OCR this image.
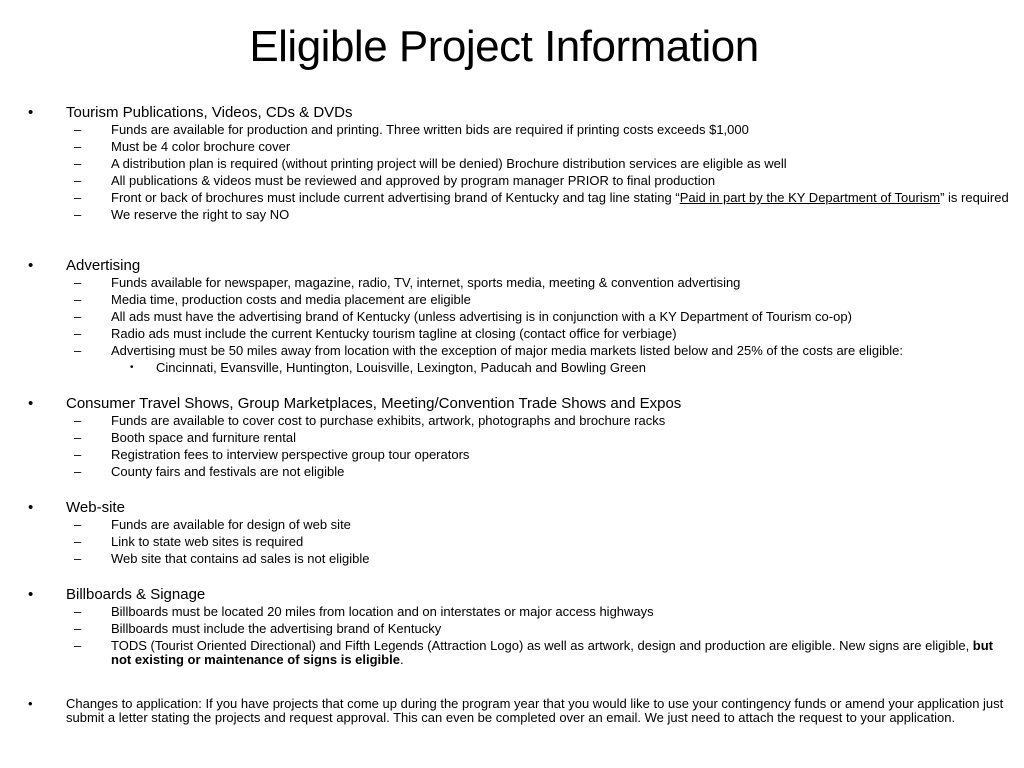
Eligible Project Information
• Tourism Publications, Videos, CDs & DVDs
– Funds are available for production and printing. Three written bids are required if printing costs exceeds $1,000
– Must be 4 color brochure cover
– A distribution plan is required (without printing project will be denied) Brochure distribution services are eligible as well
– All publications & videos must be reviewed and approved by program manager PRIOR to final production
– Front or back of brochures must include current advertising brand of Kentucky and tag line stating “Paid in part by the KY Department of Tourism” is required
– We reserve the right to say NO
• Advertising
– Funds available for newspaper, magazine, radio, TV, internet, sports media, meeting & convention advertising
– Media time, production costs and media placement are eligible
– All ads must have the advertising brand of Kentucky (unless advertising is in conjunction with a KY Department of Tourism co-op)
– Radio ads must include the current Kentucky tourism tagline at closing (contact office for verbiage)
– Advertising must be 50 miles away from location with the exception of major media markets listed below and 25% of the costs are eligible:
• Cincinnati, Evansville, Huntington, Louisville, Lexington, Paducah and Bowling Green
• Consumer Travel Shows, Group Marketplaces, Meeting/Convention Trade Shows and Expos
– Funds are available to cover cost to purchase exhibits, artwork, photographs and brochure racks
– Booth space and furniture rental
– Registration fees to interview perspective group tour operators
– County fairs and festivals are not eligible
• Web-site
– Funds are available for design of web site
– Link to state web sites is required
– Web site that contains ad sales is not eligible
• Billboards & Signage
– Billboards must be located 20 miles from location and on interstates or major access highways
– Billboards must include the advertising brand of Kentucky
– TODS (Tourist Oriented Directional) and Fifth Legends (Attraction Logo) as well as artwork, design and production are eligible. New signs are eligible, but not existing or maintenance of signs is eligible.
•	Changes to application: If you have projects that come up during the program year that you would like to use your contingency funds or amend your application just submit a letter stating the projects and request approval. This can even be completed over an email. We just need to attach the request to your application.
